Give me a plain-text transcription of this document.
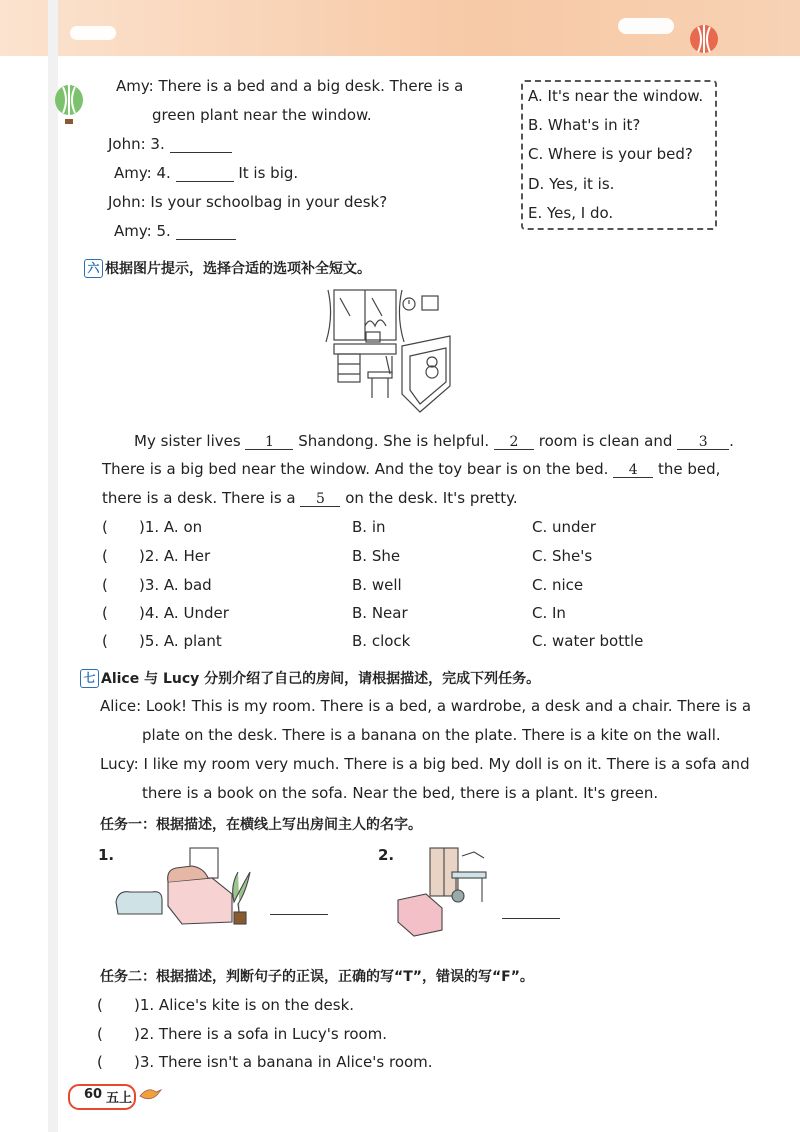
Amy: There is a bed and a big desk. There is a
green plant near the window.
John: 3.
Amy: 4.	It is big.
John: Is your schoolbag in your desk?
Amy: 5.
A. It's near the window.
B. What's in it?
C. Where is your bed?
D. Yes, it is.
E. Yes, I do.
六 根据图片提示，选择合适的选项补全短文。
My sister lives 1 Shandong. She is helpful. 2 room is clean and 3 .
There is a big bed near the window. And the toy bear is on the bed. 4 the bed,
there is a desk. There is a 5 on the desk. It's pretty.
( )1. A. on	B. in	C. under
( )2. A. Her	B. She	C. She's
( )3. A. bad	B. well	C. nice
( )4. A. Under	B. Near	C. In
( )5. A. plant	B. clock	C. water bottle
七 Alice 与 Lucy 分别介绍了自己的房间，请根据描述，完成下列任务。
Alice: Look! This is my room. There is a bed, a wardrobe, a desk and a chair. There is a
plate on the desk. There is a banana on the plate. There is a kite on the wall.
Lucy: I like my room very much. There is a big bed. My doll is on it. There is a sofa and
there is a book on the sofa. Near the bed, there is a plant. It's green.
任务一：根据描述，在横线上写出房间主人的名字。
1.	2.
任务二：根据描述，判断句子的正误，正确的写“T”，错误的写“F”。
( )1. Alice's kite is on the desk.
( )2. There is a sofa in Lucy's room.
( )3. There isn't a banana in Alice's room.
60 五上
